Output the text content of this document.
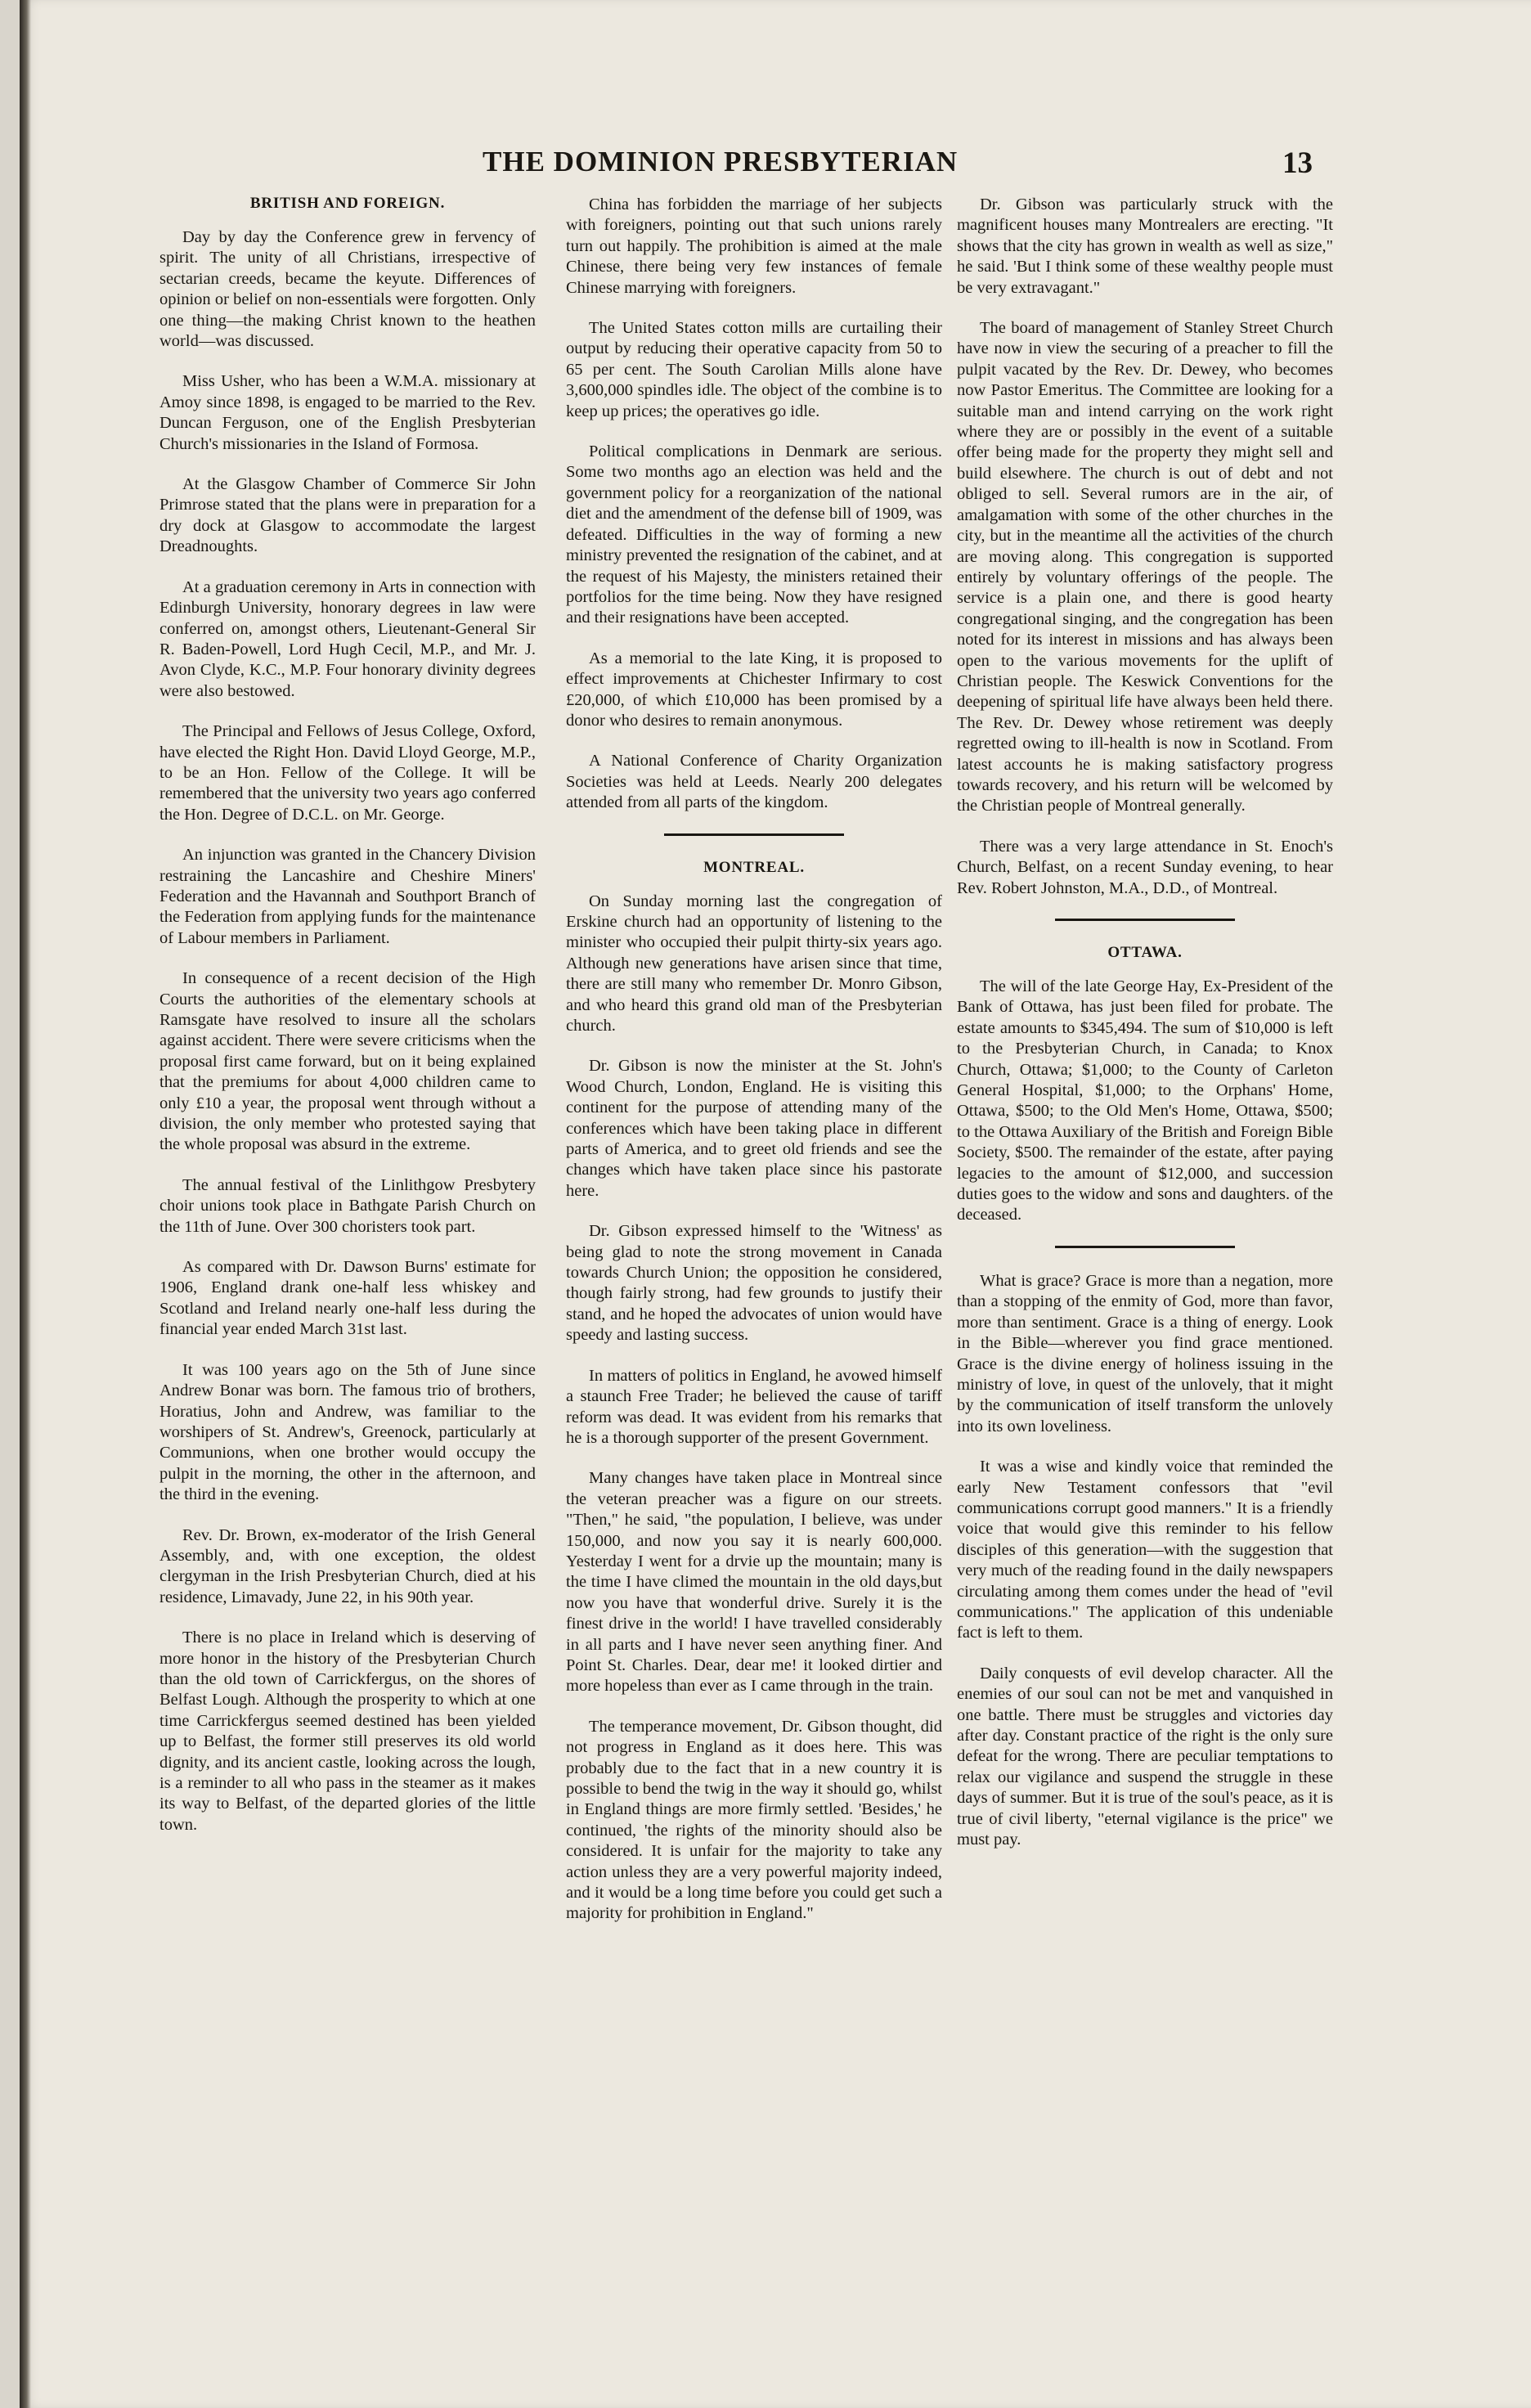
THE DOMINION PRESBYTERIAN	13
BRITISH AND FOREIGN.

Day by day the Conference grew in fervency of spirit. The unity of all Christians, irrespective of sectarian creeds, became the keyute. Differences of opinion or belief on non-essentials were forgotten. Only one thing—the making Christ known to the heathen world—was discussed.

Miss Usher, who has been a W.M.A. missionary at Amoy since 1898, is engaged to be married to the Rev. Duncan Ferguson, one of the English Presbyterian Church's missionaries in the Island of Formosa.

At the Glasgow Chamber of Commerce Sir John Primrose stated that the plans were in preparation for a dry dock at Glasgow to accommodate the largest Dreadnoughts.

At a graduation ceremony in Arts in connection with Edinburgh University, honorary degrees in law were conferred on, amongst others, Lieutenant-General Sir R. Baden-Powell, Lord Hugh Cecil, M.P., and Mr. J. Avon Clyde, K.C., M.P. Four honorary divinity degrees were also bestowed.

The Principal and Fellows of Jesus College, Oxford, have elected the Right Hon. David Lloyd George, M.P., to be an Hon. Fellow of the College. It will be remembered that the university two years ago conferred the Hon. Degree of D.C.L. on Mr. George.

An injunction was granted in the Chancery Division restraining the Lancashire and Cheshire Miners' Federation and the Havannah and Southport Branch of the Federation from applying funds for the maintenance of Labour members in Parliament.

In consequence of a recent decision of the High Courts the authorities of the elementary schools at Ramsgate have resolved to insure all the scholars against accident. There were severe criticisms when the proposal first came forward, but on it being explained that the premiums for about 4,000 children came to only £10 a year, the proposal went through without a division, the only member who protested saying that the whole proposal was absurd in the extreme.

The annual festival of the Linlithgow Presbytery choir unions took place in Bathgate Parish Church on the 11th of June. Over 300 choristers took part.

As compared with Dr. Dawson Burns' estimate for 1906, England drank one-half less whiskey and Scotland and Ireland nearly one-half less during the financial year ended March 31st last.

It was 100 years ago on the 5th of June since Andrew Bonar was born. The famous trio of brothers, Horatius, John and Andrew, was familiar to the worshipers of St. Andrew's, Greenock, particularly at Communions, when one brother would occupy the pulpit in the morning, the other in the afternoon, and the third in the evening.

Rev. Dr. Brown, ex-moderator of the Irish General Assembly, and, with one exception, the oldest clergyman in the Irish Presbyterian Church, died at his residence, Limavady, June 22, in his 90th year.

There is no place in Ireland which is deserving of more honor in the history of the Presbyterian Church than the old town of Carrickfergus, on the shores of Belfast Lough. Although the prosperity to which at one time Carrickfergus seemed destined has been yielded up to Belfast, the former still preserves its old world dignity, and its ancient castle, looking across the lough, is a reminder to all who pass in the steamer as it makes its way to Belfast, of the departed glories of the little town.

China has forbidden the marriage of her subjects with foreigners, pointing out that such unions rarely turn out happily. The prohibition is aimed at the male Chinese, there being very few instances of female Chinese marrying with foreigners.

The United States cotton mills are curtailing their output by reducing their operative capacity from 50 to 65 per cent. The South Carolian Mills alone have 3,600,000 spindles idle. The object of the combine is to keep up prices; the operatives go idle.

Political complications in Denmark are serious. Some two months ago an election was held and the government policy for a reorganization of the national diet and the amendment of the defense bill of 1909, was defeated. Difficulties in the way of forming a new ministry prevented the resignation of the cabinet, and at the request of his Majesty, the ministers retained their portfolios for the time being. Now they have resigned and their resignations have been accepted.

As a memorial to the late King, it is proposed to effect improvements at Chichester Infirmary to cost £20,000, of which £10,000 has been promised by a donor who desires to remain anonymous.

A National Conference of Charity Organization Societies was held at Leeds. Nearly 200 delegates attended from all parts of the kingdom.

MONTREAL.

On Sunday morning last the congregation of Erskine church had an opportunity of listening to the minister who occupied their pulpit thirty-six years ago. Although new generations have arisen since that time, there are still many who remember Dr. Monro Gibson, and who heard this grand old man of the Presbyterian church.

Dr. Gibson is now the minister at the St. John's Wood Church, London, England. He is visiting this continent for the purpose of attending many of the conferences which have been taking place in different parts of America, and to greet old friends and see the changes which have taken place since his pastorate here.

Dr. Gibson expressed himself to the 'Witness' as being glad to note the strong movement in Canada towards Church Union; the opposition he considered, though fairly strong, had few grounds to justify their stand, and he hoped the advocates of union would have speedy and lasting success.

In matters of politics in England, he avowed himself a staunch Free Trader; he believed the cause of tariff reform was dead. It was evident from his remarks that he is a thorough supporter of the present Government.

Many changes have taken place in Montreal since the veteran preacher was a figure on our streets. "Then," he said, "the population, I believe, was under 150,000, and now you say it is nearly 600,000. Yesterday I went for a drvie up the mountain; many is the time I have climed the mountain in the old days,but now you have that wonderful drive. Surely it is the finest drive in the world! I have travelled considerably in all parts and I have never seen anything finer. And Point St. Charles. Dear, dear me! it looked dirtier and more hopeless than ever as I came through in the train.

The temperance movement, Dr. Gibson thought, did not progress in England as it does here. This was probably due to the fact that in a new country it is possible to bend the twig in the way it should go, whilst in England things are more firmly settled. 'Besides,' he continued, 'the rights of the minority should also be considered. It is unfair for the majority to take any action unless they are a very powerful majority indeed, and it would be a long time before you could get such a majority for prohibition in England."

Dr. Gibson was particularly struck with the magnificent houses many Montrealers are erecting. "It shows that the city has grown in wealth as well as size," he said. 'But I think some of these wealthy people must be very extravagant."

The board of management of Stanley Street Church have now in view the securing of a preacher to fill the pulpit vacated by the Rev. Dr. Dewey, who becomes now Pastor Emeritus. The Committee are looking for a suitable man and intend carrying on the work right where they are or possibly in the event of a suitable offer being made for the property they might sell and build elsewhere. The church is out of debt and not obliged to sell. Several rumors are in the air, of amalgamation with some of the other churches in the city, but in the meantime all the activities of the church are moving along. This congregation is supported entirely by voluntary offerings of the people. The service is a plain one, and there is good hearty congregational singing, and the congregation has been noted for its interest in missions and has always been open to the various movements for the uplift of Christian people. The Keswick Conventions for the deepening of spiritual life have always been held there. The Rev. Dr. Dewey whose retirement was deeply regretted owing to ill-health is now in Scotland. From latest accounts he is making satisfactory progress towards recovery, and his return will be welcomed by the Christian people of Montreal generally.

There was a very large attendance in St. Enoch's Church, Belfast, on a recent Sunday evening, to hear Rev. Robert Johnston, M.A., D.D., of Montreal.

OTTAWA.

The will of the late George Hay, Ex-President of the Bank of Ottawa, has just been filed for probate. The estate amounts to $345,494. The sum of $10,000 is left to the Presbyterian Church, in Canada; to Knox Church, Ottawa; $1,000; to the County of Carleton General Hospital, $1,000; to the Orphans' Home, Ottawa, $500; to the Old Men's Home, Ottawa, $500; to the Ottawa Auxiliary of the British and Foreign Bible Society, $500. The remainder of the estate, after paying legacies to the amount of $12,000, and succession duties goes to the widow and sons and daughters. of the deceased.

What is grace? Grace is more than a negation, more than a stopping of the enmity of God, more than favor, more than sentiment. Grace is a thing of energy. Look in the Bible—wherever you find grace mentioned. Grace is the divine energy of holiness issuing in the ministry of love, in quest of the unlovely, that it might by the communication of itself transform the unlovely into its own loveliness.

It was a wise and kindly voice that reminded the early New Testament confessors that "evil communications corrupt good manners." It is a friendly voice that would give this reminder to his fellow disciples of this generation—with the suggestion that very much of the reading found in the daily newspapers circulating among them comes under the head of "evil communications." The application of this undeniable fact is left to them.

Daily conquests of evil develop character. All the enemies of our soul can not be met and vanquished in one battle. There must be struggles and victories day after day. Constant practice of the right is the only sure defeat for the wrong. There are peculiar temptations to relax our vigilance and suspend the struggle in these days of summer. But it is true of the soul's peace, as it is true of civil liberty, "eternal vigilance is the price" we must pay.
